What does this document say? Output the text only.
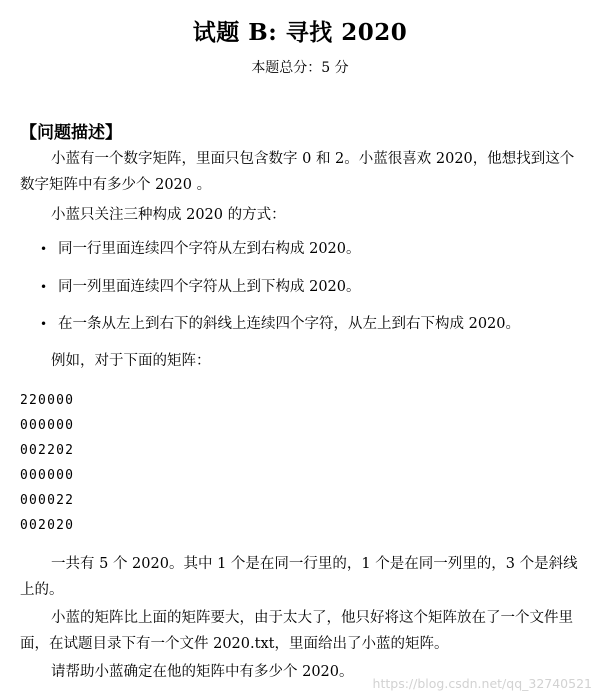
试题 B: 寻找 2020
本题总分：5 分
【问题描述】
小蓝有一个数字矩阵，里面只包含数字 0 和 2。小蓝很喜欢 2020，他想找到这个数字矩阵中有多少个 2020 。
小蓝只关注三种构成 2020 的方式：
• 同一行里面连续四个字符从左到右构成 2020。
• 同一列里面连续四个字符从上到下构成 2020。
• 在一条从左上到右下的斜线上连续四个字符，从左上到右下构成 2020。
例如，对于下面的矩阵：
220000
000000
002202
000000
000022
002020
一共有 5 个 2020。其中 1 个是在同一行里的，1 个是在同一列里的，3 个是斜线上的。
小蓝的矩阵比上面的矩阵要大，由于太大了，他只好将这个矩阵放在了一个文件里面，在试题目录下有一个文件 2020.txt，里面给出了小蓝的矩阵。
请帮助小蓝确定在他的矩阵中有多少个 2020。
https://blog.csdn.net/qq_32740521
